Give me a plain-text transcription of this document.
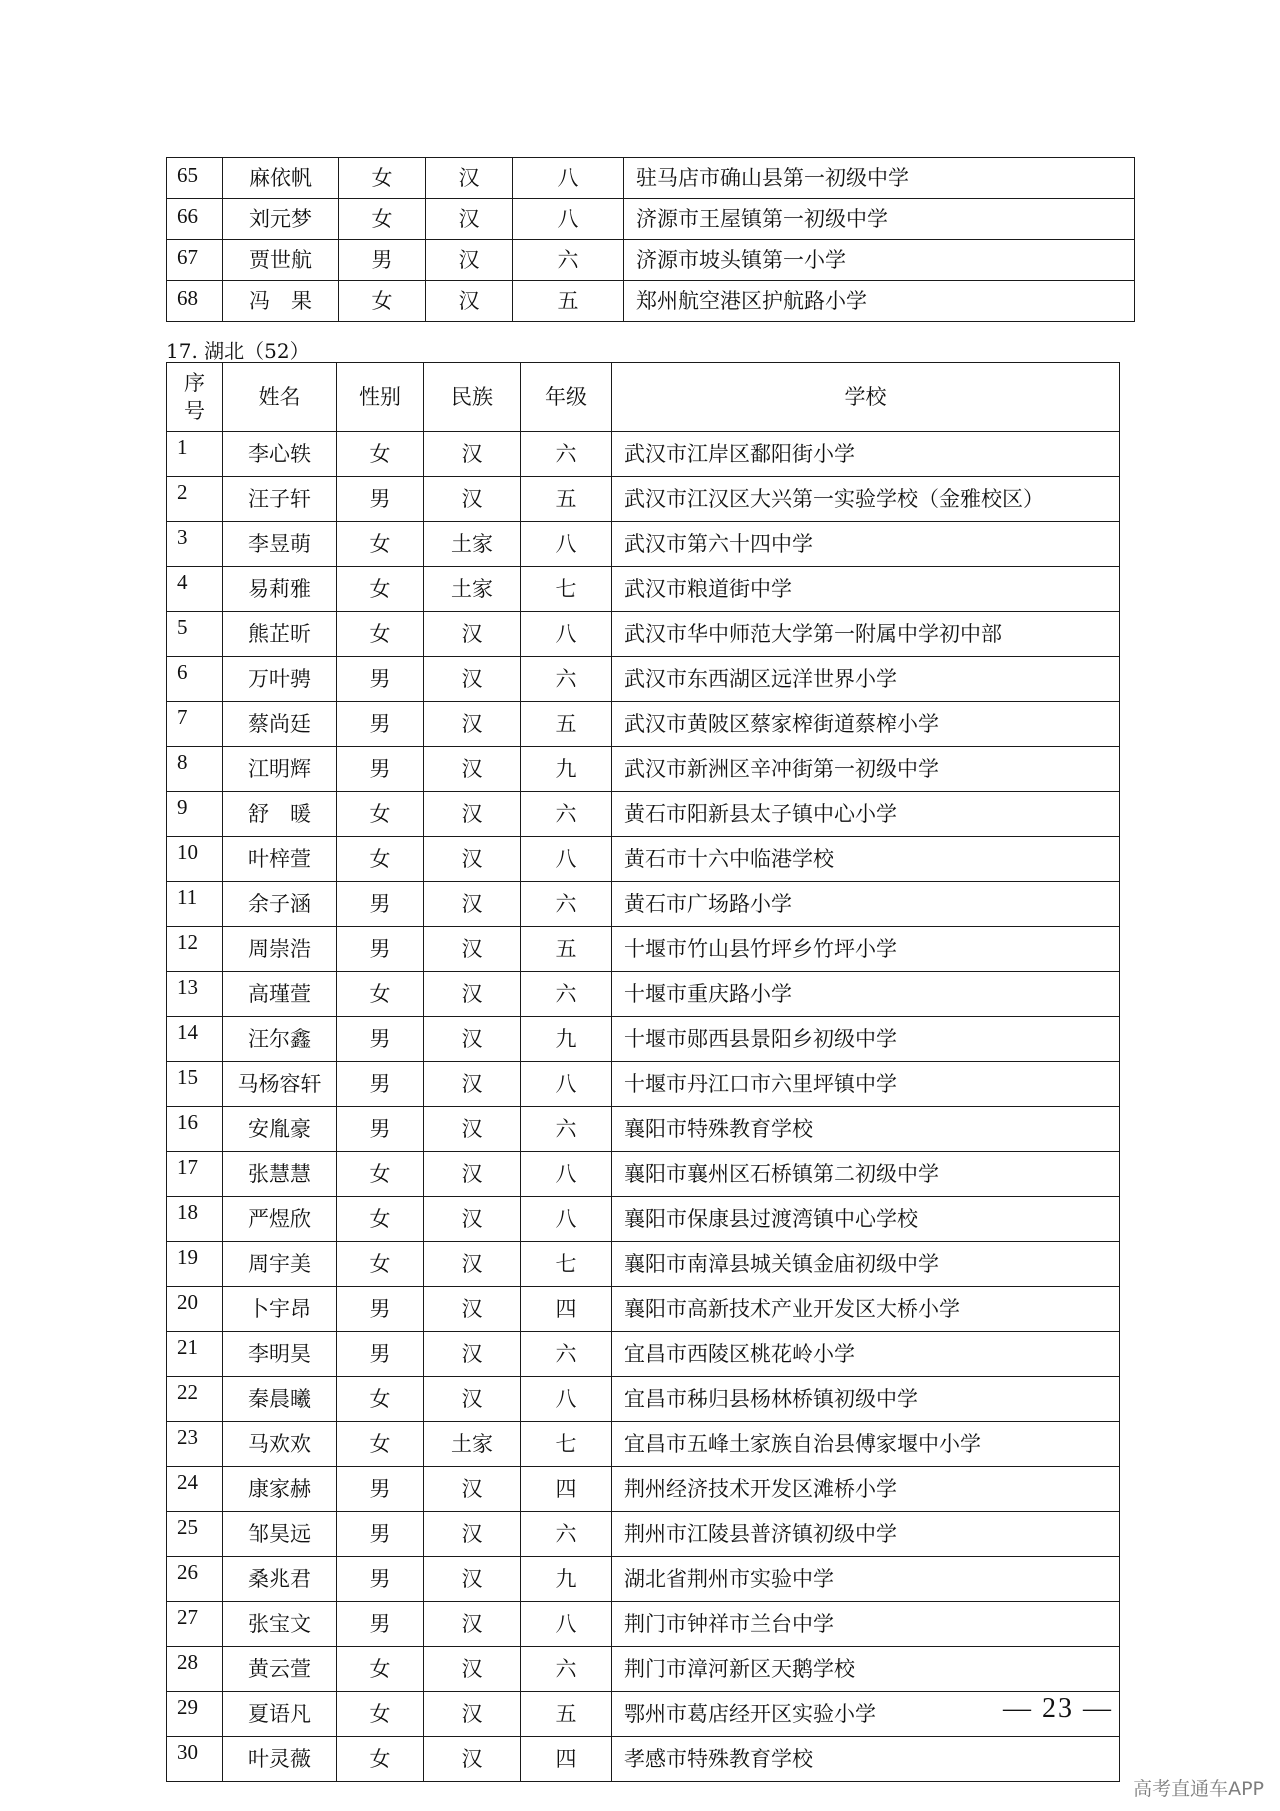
65	麻依帆	女	汉	八	驻马店市确山县第一初级中学
66	刘元梦	女	汉	八	济源市王屋镇第一初级中学
67	贾世航	男	汉	六	济源市坡头镇第一小学
68	冯　果	女	汉	五	郑州航空港区护航路小学
17. 湖北（52）
序
号	姓名	性别	民族	年级	学校
1	李心轶	女	汉	六	武汉市江岸区鄱阳街小学
2	汪子轩	男	汉	五	武汉市江汉区大兴第一实验学校（金雅校区）
3	李昱萌	女	土家	八	武汉市第六十四中学
4	易莉雅	女	土家	七	武汉市粮道街中学
5	熊芷昕	女	汉	八	武汉市华中师范大学第一附属中学初中部
6	万叶骋	男	汉	六	武汉市东西湖区远洋世界小学
7	蔡尚廷	男	汉	五	武汉市黄陂区蔡家榨街道蔡榨小学
8	江明辉	男	汉	九	武汉市新洲区辛冲街第一初级中学
9	舒　暖	女	汉	六	黄石市阳新县太子镇中心小学
10	叶梓萱	女	汉	八	黄石市十六中临港学校
11	余子涵	男	汉	六	黄石市广场路小学
12	周崇浩	男	汉	五	十堰市竹山县竹坪乡竹坪小学
13	高瑾萱	女	汉	六	十堰市重庆路小学
14	汪尔鑫	男	汉	九	十堰市郧西县景阳乡初级中学
15	马杨容轩	男	汉	八	十堰市丹江口市六里坪镇中学
16	安胤豪	男	汉	六	襄阳市特殊教育学校
17	张慧慧	女	汉	八	襄阳市襄州区石桥镇第二初级中学
18	严煜欣	女	汉	八	襄阳市保康县过渡湾镇中心学校
19	周宇美	女	汉	七	襄阳市南漳县城关镇金庙初级中学
20	卜宇昂	男	汉	四	襄阳市高新技术产业开发区大桥小学
21	李明昊	男	汉	六	宜昌市西陵区桃花岭小学
22	秦晨曦	女	汉	八	宜昌市秭归县杨林桥镇初级中学
23	马欢欢	女	土家	七	宜昌市五峰土家族自治县傅家堰中小学
24	康家赫	男	汉	四	荆州经济技术开发区滩桥小学
25	邹昊远	男	汉	六	荆州市江陵县普济镇初级中学
26	桑兆君	男	汉	九	湖北省荆州市实验中学
27	张宝文	男	汉	八	荆门市钟祥市兰台中学
28	黄云萱	女	汉	六	荆门市漳河新区天鹅学校
29	夏语凡	女	汉	五	鄂州市葛店经开区实验小学
30	叶灵薇	女	汉	四	孝感市特殊教育学校
— 23 —
高考直通车APP
